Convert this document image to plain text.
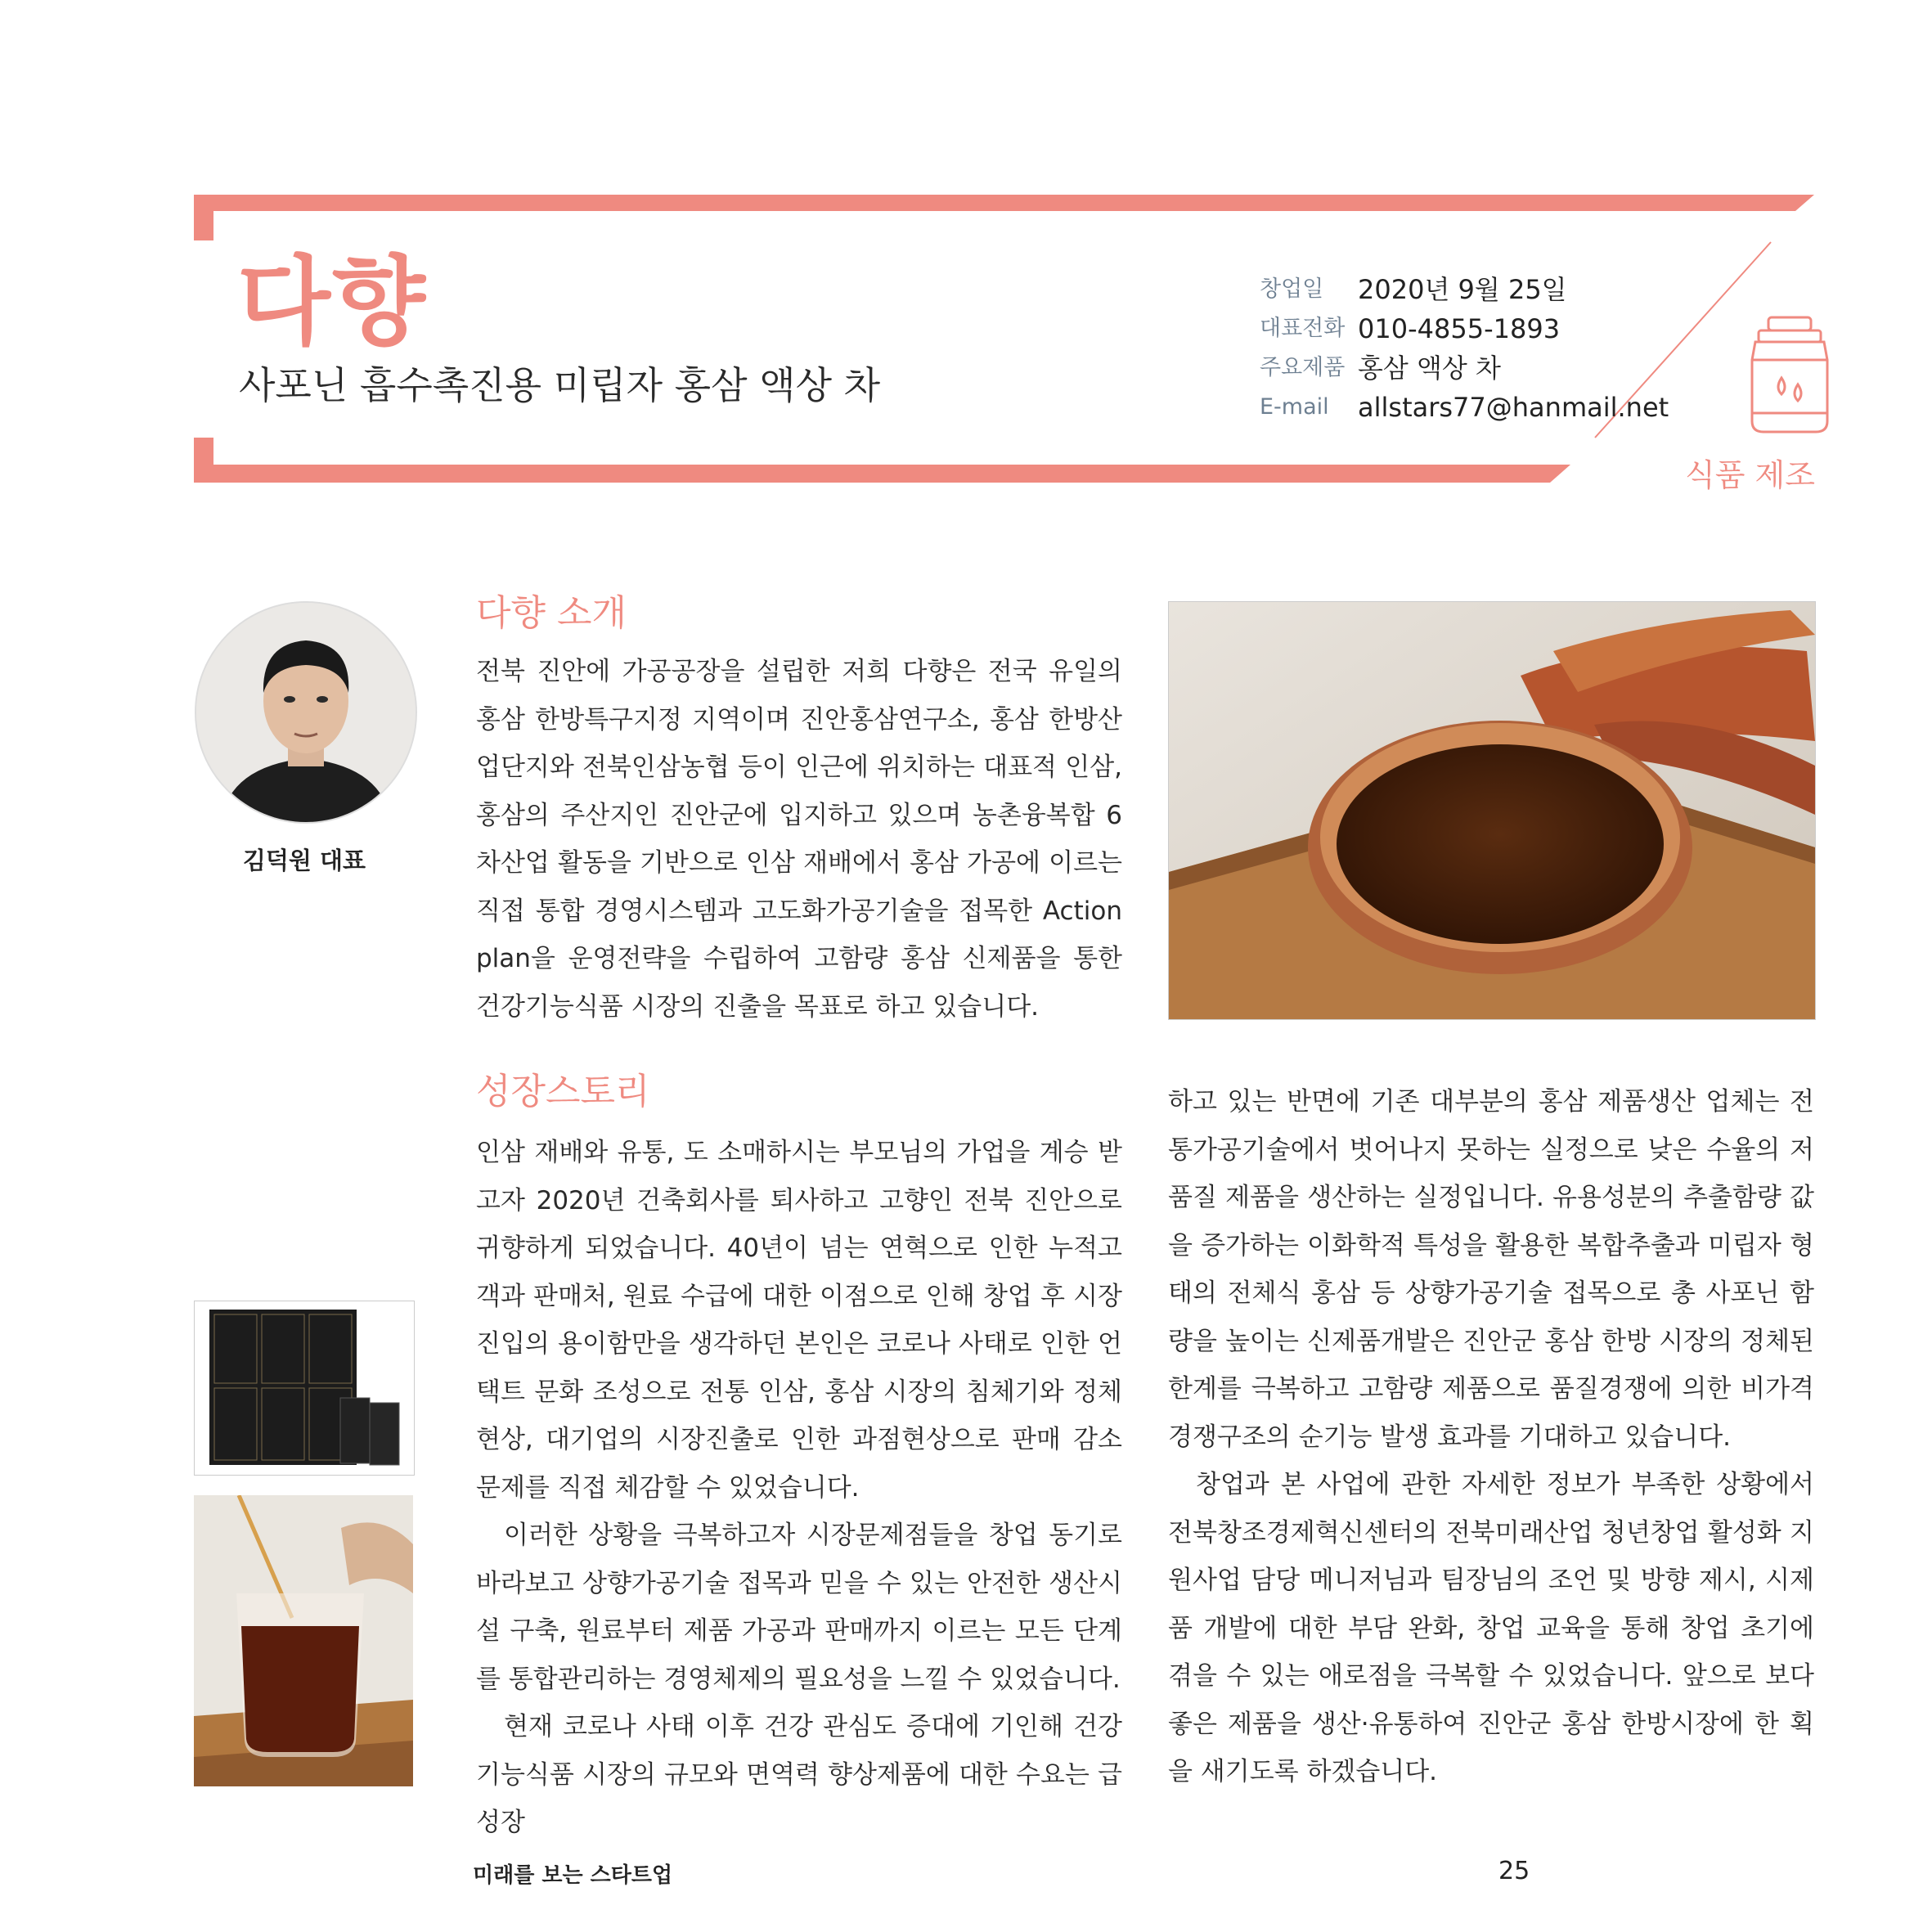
다향
사포닌 흡수촉진용 미립자 홍삼 액상 차
창업일	2020년 9월 25일
대표전화 010-4855-1893
주요제품 홍삼 액상 차
E-mail	allstars77@hanmail.net
식품 제조
김덕원 대표
다향 소개

전북 진안에 가공공장을 설립한 저희 다향은 전국 유일의 홍삼 한방특구지정 지역이며 진안홍삼연구소, 홍삼 한방산업단지와 전북인삼농협 등이 인근에 위치하는 대표적 인삼, 홍삼의 주산지인 진안군에 입지하고 있으며 농촌융복합 6차산업 활동을 기반으로 인삼 재배에서 홍삼 가공에 이르는 직접 통합 경영시스템과 고도화가공기술을 접목한 Action plan을 운영전략을 수립하여 고함량 홍삼 신제품을 통한 건강기능식품 시장의 진출을 목표로 하고 있습니다.

성장스토리

인삼 재배와 유통, 도 소매하시는 부모님의 가업을 계승 받고자 2020년 건축회사를 퇴사하고 고향인 전북 진안으로 귀향하게 되었습니다. 40년이 넘는 연혁으로 인한 누적고객과 판매처, 원료 수급에 대한 이점으로 인해 창업 후 시장진입의 용이함만을 생각하던 본인은 코로나 사태로 인한 언택트 문화 조성으로 전통 인삼, 홍삼 시장의 침체기와 정체 현상, 대기업의 시장진출로 인한 과점현상으로 판매 감소 문제를 직접 체감할 수 있었습니다.

이러한 상황을 극복하고자 시장문제점들을 창업 동기로 바라보고 상향가공기술 접목과 믿을 수 있는 안전한 생산시설 구축, 원료부터 제품 가공과 판매까지 이르는 모든 단계를 통합관리하는 경영체제의 필요성을 느낄 수 있었습니다.

현재 코로나 사태 이후 건강 관심도 증대에 기인해 건강기능식품 시장의 규모와 면역력 향상제품에 대한 수요는 급성장

하고 있는 반면에 기존 대부분의 홍삼 제품생산 업체는 전통가공기술에서 벗어나지 못하는 실정으로 낮은 수율의 저품질 제품을 생산하는 실정입니다. 유용성분의 추출함량 값을 증가하는 이화학적 특성을 활용한 복합추출과 미립자 형태의 전체식 홍삼 등 상향가공기술 접목으로 총 사포닌 함량을 높이는 신제품개발은 진안군 홍삼 한방 시장의 정체된 한계를 극복하고 고함량 제품으로 품질경쟁에 의한 비가격 경쟁구조의 순기능 발생 효과를 기대하고 있습니다.

창업과 본 사업에 관한 자세한 정보가 부족한 상황에서 전북창조경제혁신센터의 전북미래산업 청년창업 활성화 지원사업 담당 메니저님과 팀장님의 조언 및 방향 제시, 시제품 개발에 대한 부담 완화, 창업 교육을 통해 창업 초기에 겪을 수 있는 애로점을 극복할 수 있었습니다. 앞으로 보다 좋은 제품을 생산·유통하여 진안군 홍삼 한방시장에 한 획을 새기도록 하겠습니다.

미래를 보는 스타트업	25
